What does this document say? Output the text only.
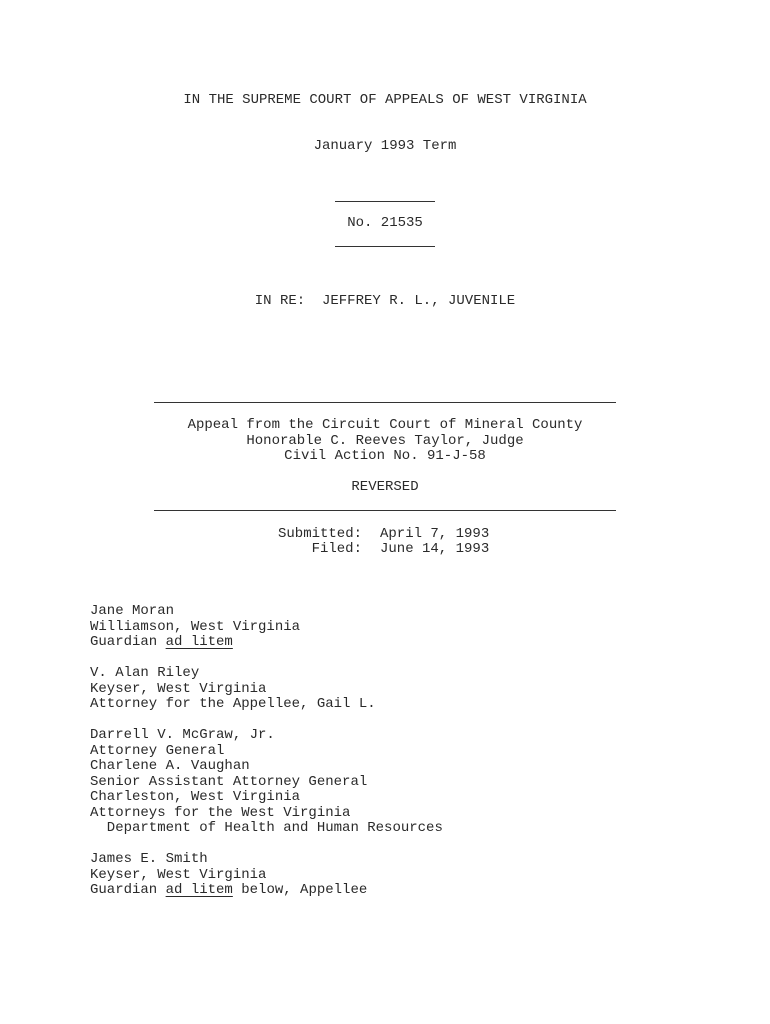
IN THE SUPREME COURT OF APPEALS OF WEST VIRGINIA
January 1993 Term
No. 21535
IN RE:  JEFFREY R. L., JUVENILE
Appeal from the Circuit Court of Mineral County
Honorable C. Reeves Taylor, Judge
Civil Action No. 91-J-58
REVERSED
Submitted: April 7, 1993
Filed: June 14, 1993
Jane Moran
Williamson, West Virginia
Guardian ad litem
V. Alan Riley
Keyser, West Virginia
Attorney for the Appellee, Gail L.
Darrell V. McGraw, Jr.
Attorney General
Charlene A. Vaughan
Senior Assistant Attorney General
Charleston, West Virginia
Attorneys for the West Virginia
Department of Health and Human Resources
James E. Smith
Keyser, West Virginia
Guardian ad litem below, Appellee
